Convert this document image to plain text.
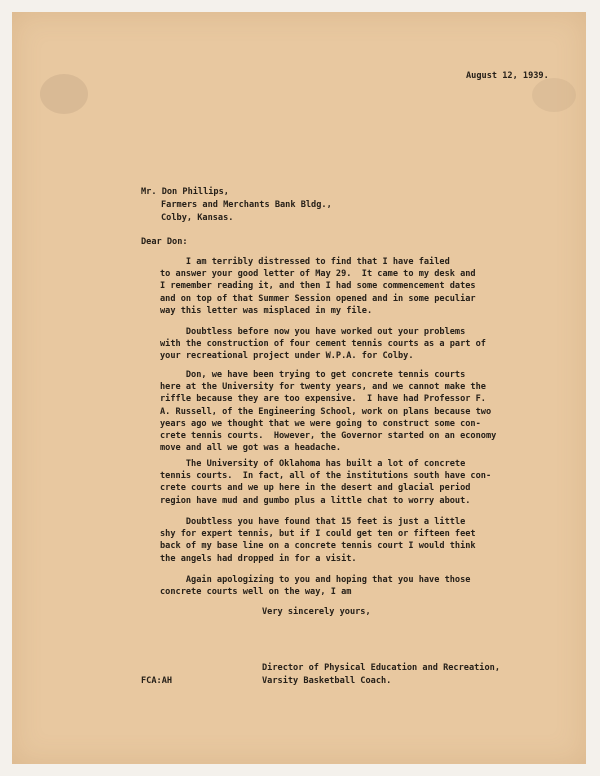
August 12, 1939.
Mr. Don Phillips,
Farmers and Merchants Bank Bldg.,
Colby, Kansas.
Dear Don:
I am terribly distressed to find that I have failed
to answer your good letter of May 29.  It came to my desk and
I remember reading it, and then I had some commencement dates
and on top of that Summer Session opened and in some peculiar
way this letter was misplaced in my file.
Doubtless before now you have worked out your problems
with the construction of four cement tennis courts as a part of
your recreational project under W.P.A. for Colby.
Don, we have been trying to get concrete tennis courts
here at the University for twenty years, and we cannot make the
riffle because they are too expensive.  I have had Professor F.
A. Russell, of the Engineering School, work on plans because two
years ago we thought that we were going to construct some con-
crete tennis courts.  However, the Governor started on an economy
move and all we got was a headache.
The University of Oklahoma has built a lot of concrete
tennis courts.  In fact, all of the institutions south have con-
crete courts and we up here in the desert and glacial period
region have mud and gumbo plus a little chat to worry about.
Doubtless you have found that 15 feet is just a little
shy for expert tennis, but if I could get ten or fifteen feet
back of my base line on a concrete tennis court I would think
the angels had dropped in for a visit.
Again apologizing to you and hoping that you have those
concrete courts well on the way, I am
Very sincerely yours,
Director of Physical Education and Recreation,
Varsity Basketball Coach.
FCA:AH
